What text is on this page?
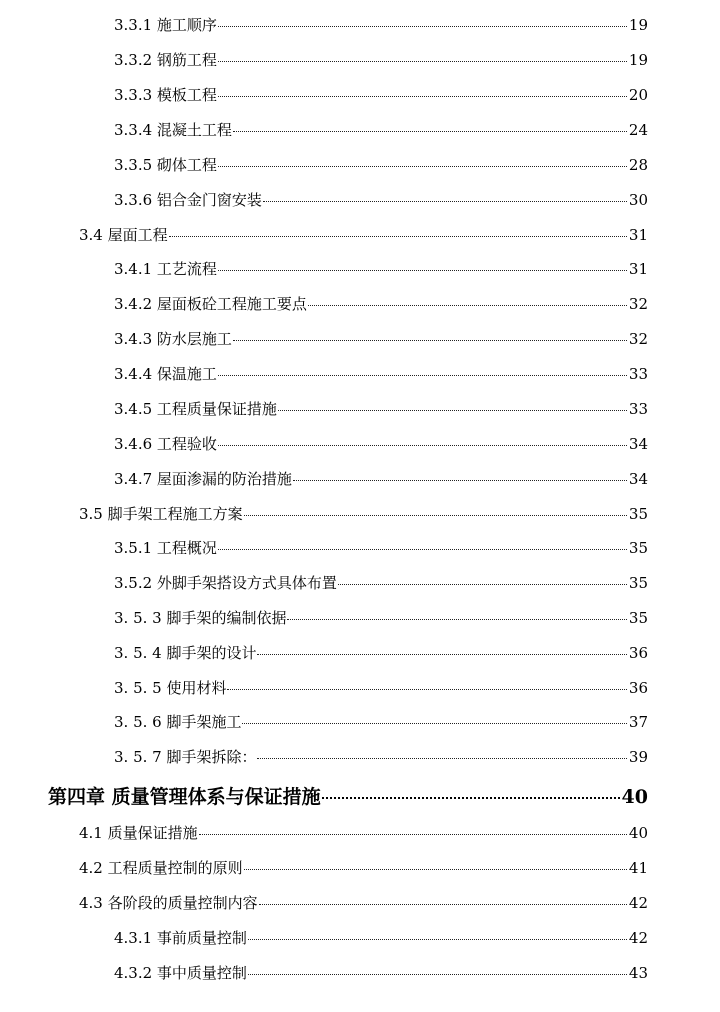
3.3.1 施工顺序	19
3.3.2 钢筋工程	19
3.3.3 模板工程	20
3.3.4 混凝土工程	24
3.3.5 砌体工程	28
3.3.6 铝合金门窗安装	30
3.4 屋面工程	31
3.4.1 工艺流程	31
3.4.2 屋面板砼工程施工要点	32
3.4.3 防水层施工	32
3.4.4 保温施工	33
3.4.5 工程质量保证措施	33
3.4.6 工程验收	34
3.4.7 屋面渗漏的防治措施	34
3.5 脚手架工程施工方案	35
3.5.1 工程概况	35
3.5.2 外脚手架搭设方式具体布置	35
3. 5. 3 脚手架的编制依据	35
3. 5. 4 脚手架的设计	36
3. 5. 5 使用材料	36
3. 5. 6 脚手架施工	37
3. 5. 7 脚手架拆除：	39
第四章 质量管理体系与保证措施	40
4.1 质量保证措施	40
4.2 工程质量控制的原则	41
4.3 各阶段的质量控制内容	42
4.3.1 事前质量控制	42
4.3.2 事中质量控制	43
